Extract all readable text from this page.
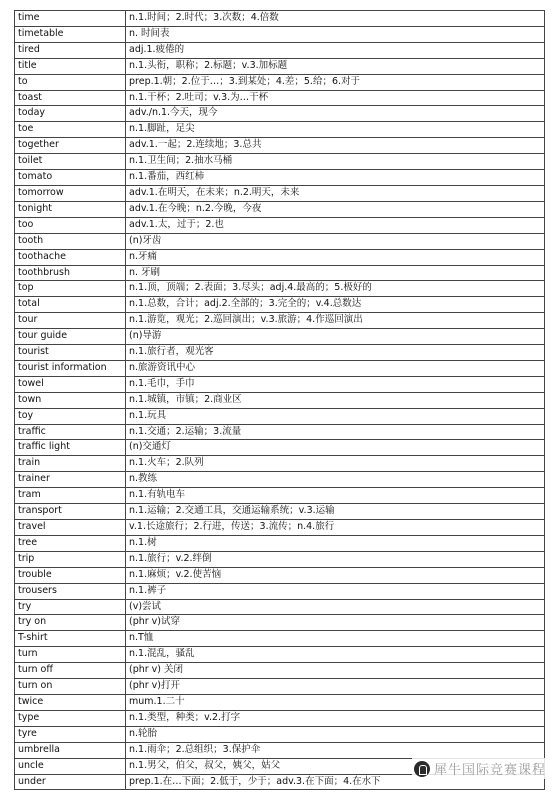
time	n.1.时间；2.时代；3.次数；4.倍数
timetable	n. 时间表
tired	adj.1.疲倦的
title	n.1.头衔，职称；2.标题；v.3.加标题
to	prep.1.朝；2.位于…；3.到某处；4.差；5.给；6.对于
toast	n.1.干杯；2.吐司；v.3.为…干杯
today	adv./n.1.今天，现今
toe	n.1.脚趾，足尖
together	adv.1.一起；2.连续地；3.总共
toilet	n.1.卫生间；2.抽水马桶
tomato	n.1.番茄，西红柿
tomorrow	adv.1.在明天，在未来；n.2.明天，未来
tonight	adv.1.在今晚；n.2.今晚，今夜
too	adv.1.太，过于；2.也
tooth	(n)牙齿
toothache	n.牙痛
toothbrush	n. 牙刷
top	n.1.顶，顶端；2.表面；3.尽头；adj.4.最高的；5.极好的
total	n.1.总数，合计；adj.2.全部的；3.完全的；v.4.总数达
tour	n.1.游览，观光；2.巡回演出；v.3.旅游；4.作巡回演出
tour guide	(n)导游
tourist	n.1.旅行者，观光客
tourist information	n.旅游资讯中心
towel	n.1.毛巾，手巾
town	n.1.城镇，市镇；2.商业区
toy	n.1.玩具
traffic	n.1.交通；2.运输；3.流量
traffic light	(n)交通灯
train	n.1.火车；2.队列
trainer	n.教练
tram	n.1.有轨电车
transport	n.1.运输；2.交通工具，交通运输系统；v.3.运输
travel	v.1.长途旅行；2.行进，传送；3.流传；n.4.旅行
tree	n.1.树
trip	n.1.旅行；v.2.绊倒
trouble	n.1.麻烦；v.2.使苦恼
trousers	n.1.裤子
try	(v)尝试
try on	(phr v)试穿
T-shirt	n.T恤
turn	n.1.混乱，骚乱
turn off	(phr v) 关闭
turn on	(phr v)打开
twice	mum.1.二十
type	n.1.类型，种类；v.2.打字
tyre	n.轮胎
umbrella	n.1.雨伞；2.总组织；3.保护伞
uncle	n.1.男父，伯父，叔父，姨父，姑父
under	prep.1.在…下面；2.低于，少于；adv.3.在下面；4.在水下
犀牛国际竞赛课程
